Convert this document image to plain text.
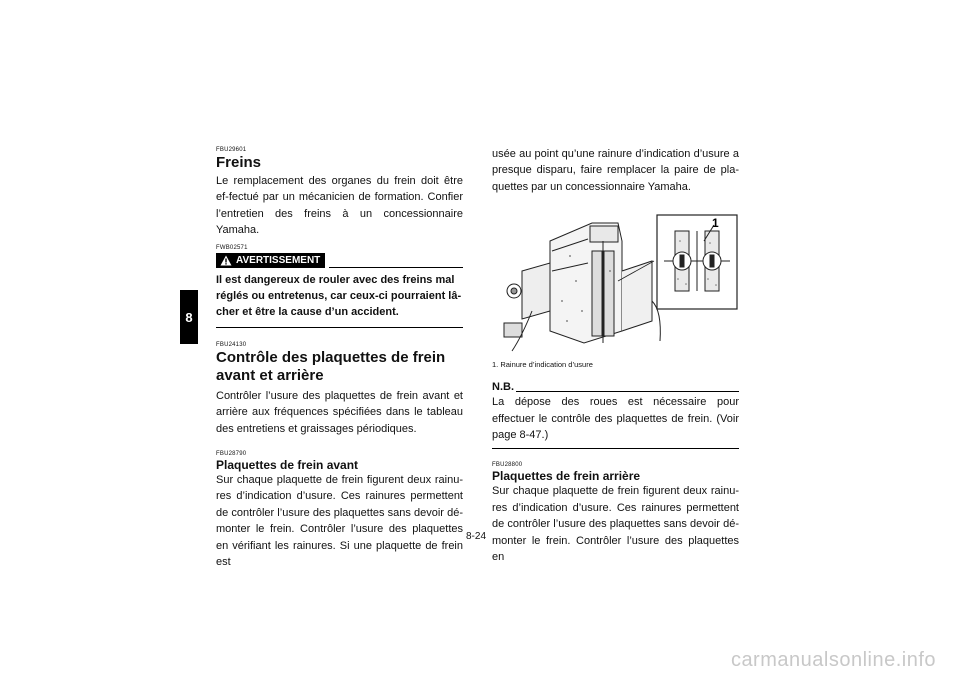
8

FBU29601

Freins

Le remplacement des organes du frein doit être ef-fectué par un mécanicien de formation. Confier l’entretien des freins à un concessionnaire Yamaha.

FWB02571

AVERTISSEMENT

Il est dangereux de rouler avec des freins mal réglés ou entretenus, car ceux-ci pourraient lâ-cher et être la cause d’un accident.

FBU24130

Contrôle des plaquettes de frein avant et arrière

Contrôler l’usure des plaquettes de frein avant et arrière aux fréquences spécifiées dans le tableau des entretiens et graissages périodiques.

FBU28790

Plaquettes de frein avant

Sur chaque plaquette de frein figurent deux rainu-res d’indication d’usure. Ces rainures permettent de contrôler l’usure des plaquettes sans devoir dé-monter le frein. Contrôler l’usure des plaquettes en vérifiant les rainures. Si une plaquette de frein est

usée au point qu’une rainure d’indication d’usure a presque disparu, faire remplacer la paire de pla-quettes par un concessionnaire Yamaha.

1

1. Rainure d’indication d’usure

N.B.

La dépose des roues est nécessaire pour effectuer le contrôle des plaquettes de frein. (Voir page 8-47.)

FBU28800

Plaquettes de frein arrière

Sur chaque plaquette de frein figurent deux rainu-res d’indication d’usure. Ces rainures permettent de contrôler l’usure des plaquettes sans devoir dé-monter le frein. Contrôler l’usure des plaquettes en

8-24
carmanualsonline.info
